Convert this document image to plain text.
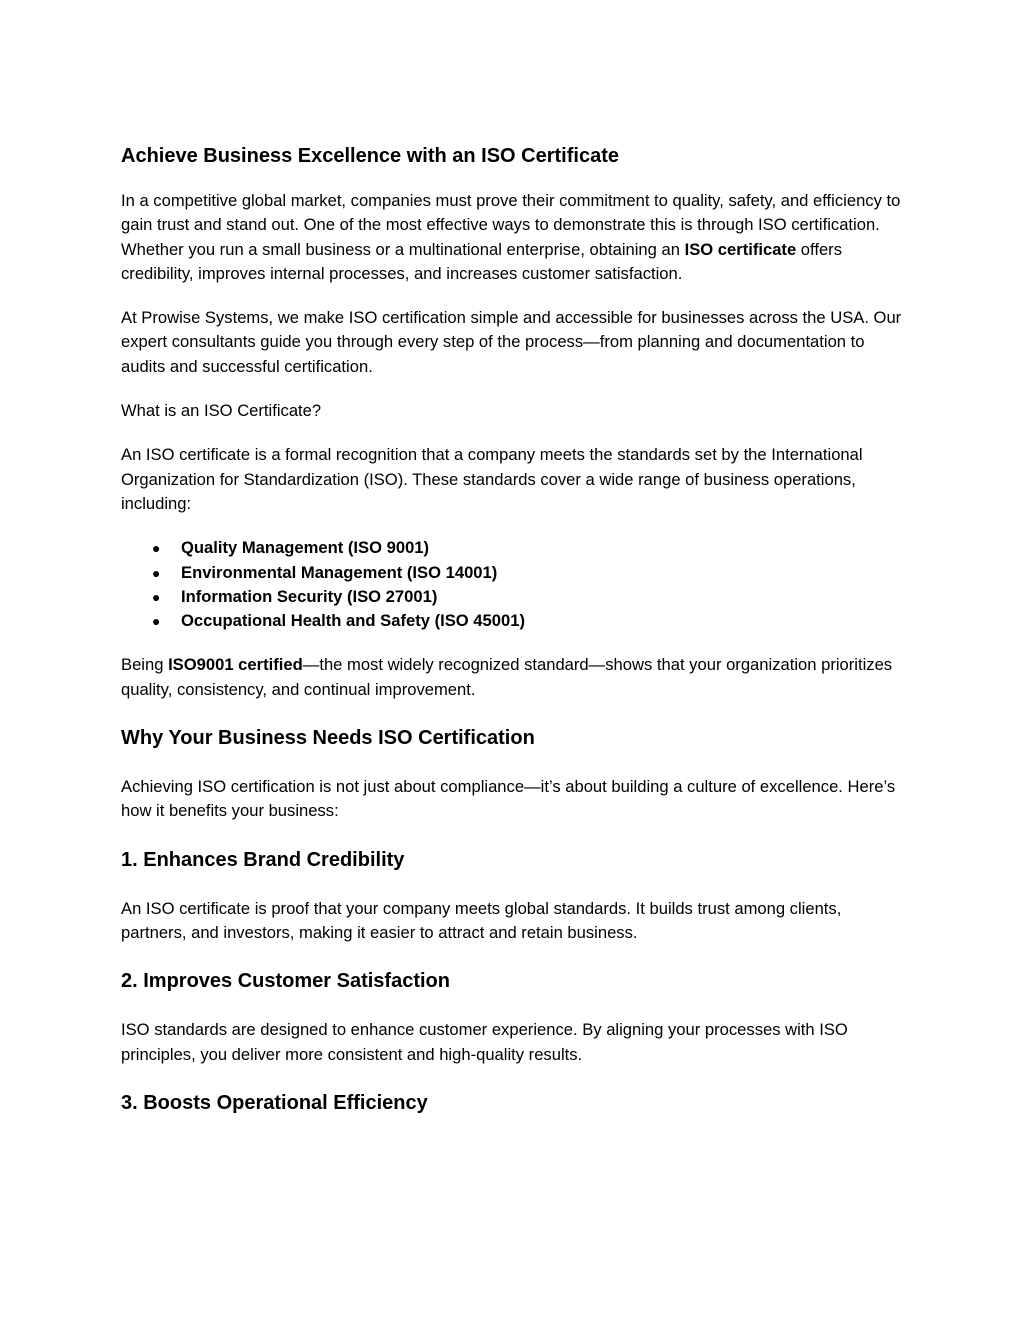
Achieve Business Excellence with an ISO Certificate

In a competitive global market, companies must prove their commitment to quality, safety, and efficiency to gain trust and stand out. One of the most effective ways to demonstrate this is through ISO certification. Whether you run a small business or a multinational enterprise, obtaining an ISO certificate offers credibility, improves internal processes, and increases customer satisfaction.

At Prowise Systems, we make ISO certification simple and accessible for businesses across the USA. Our expert consultants guide you through every step of the process—from planning and documentation to audits and successful certification.

What is an ISO Certificate?

An ISO certificate is a formal recognition that a company meets the standards set by the International Organization for Standardization (ISO). These standards cover a wide range of business operations, including:

● Quality Management (ISO 9001)
● Environmental Management (ISO 14001)
● Information Security (ISO 27001)
● Occupational Health and Safety (ISO 45001)

Being ISO9001 certified—the most widely recognized standard—shows that your organization prioritizes quality, consistency, and continual improvement.

Why Your Business Needs ISO Certification

Achieving ISO certification is not just about compliance—it’s about building a culture of excellence. Here’s how it benefits your business:

1. Enhances Brand Credibility

An ISO certificate is proof that your company meets global standards. It builds trust among clients, partners, and investors, making it easier to attract and retain business.

2. Improves Customer Satisfaction

ISO standards are designed to enhance customer experience. By aligning your processes with ISO principles, you deliver more consistent and high-quality results.

3. Boosts Operational Efficiency
